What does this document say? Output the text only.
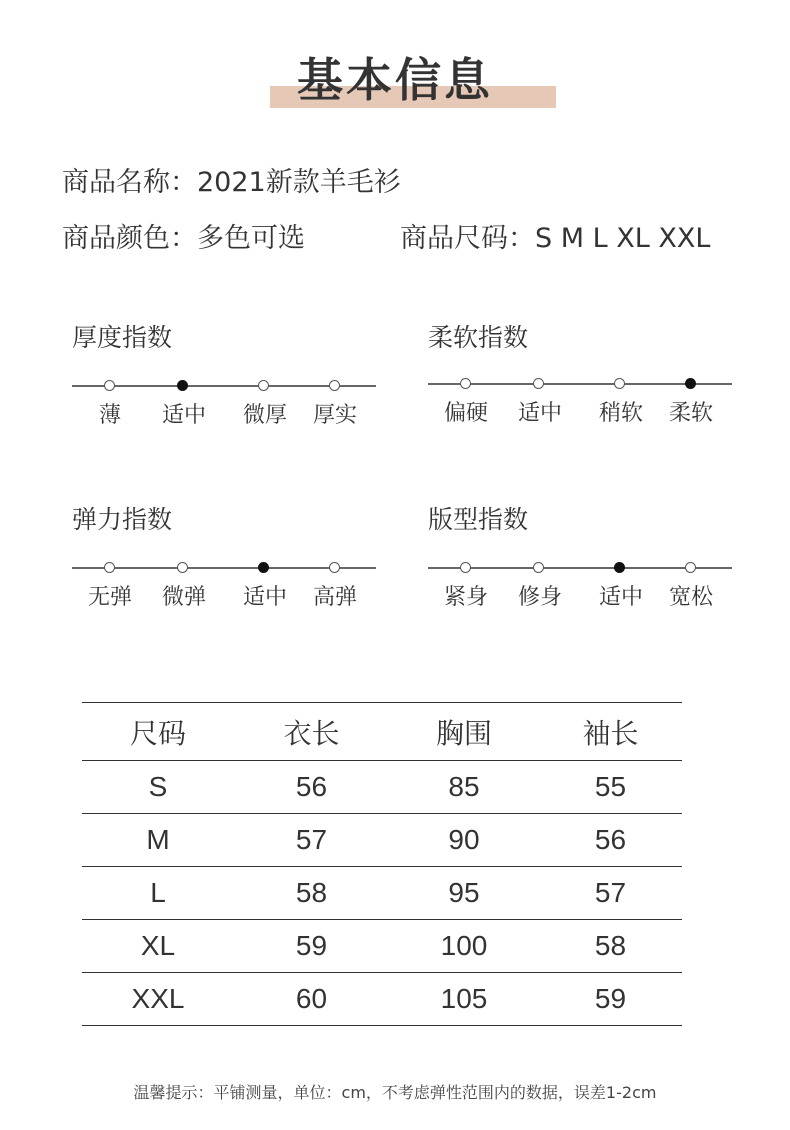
基本信息
商品名称：2021新款羊毛衫
商品颜色：多色可选	商品尺码：S M L XL XXL
厚度指数
薄	适中	微厚	厚实
柔软指数
偏硬	适中	稍软	柔软
弹力指数
无弹	微弹	适中	高弹
版型指数
紧身	修身	适中	宽松
尺码	衣长	胸围	袖长
S	56	85	55
M	57	90	56
L	58	95	57
XL	59	100	58
XXL	60	105	59
温馨提示：平铺测量，单位：cm，不考虑弹性范围内的数据，误差1-2cm
